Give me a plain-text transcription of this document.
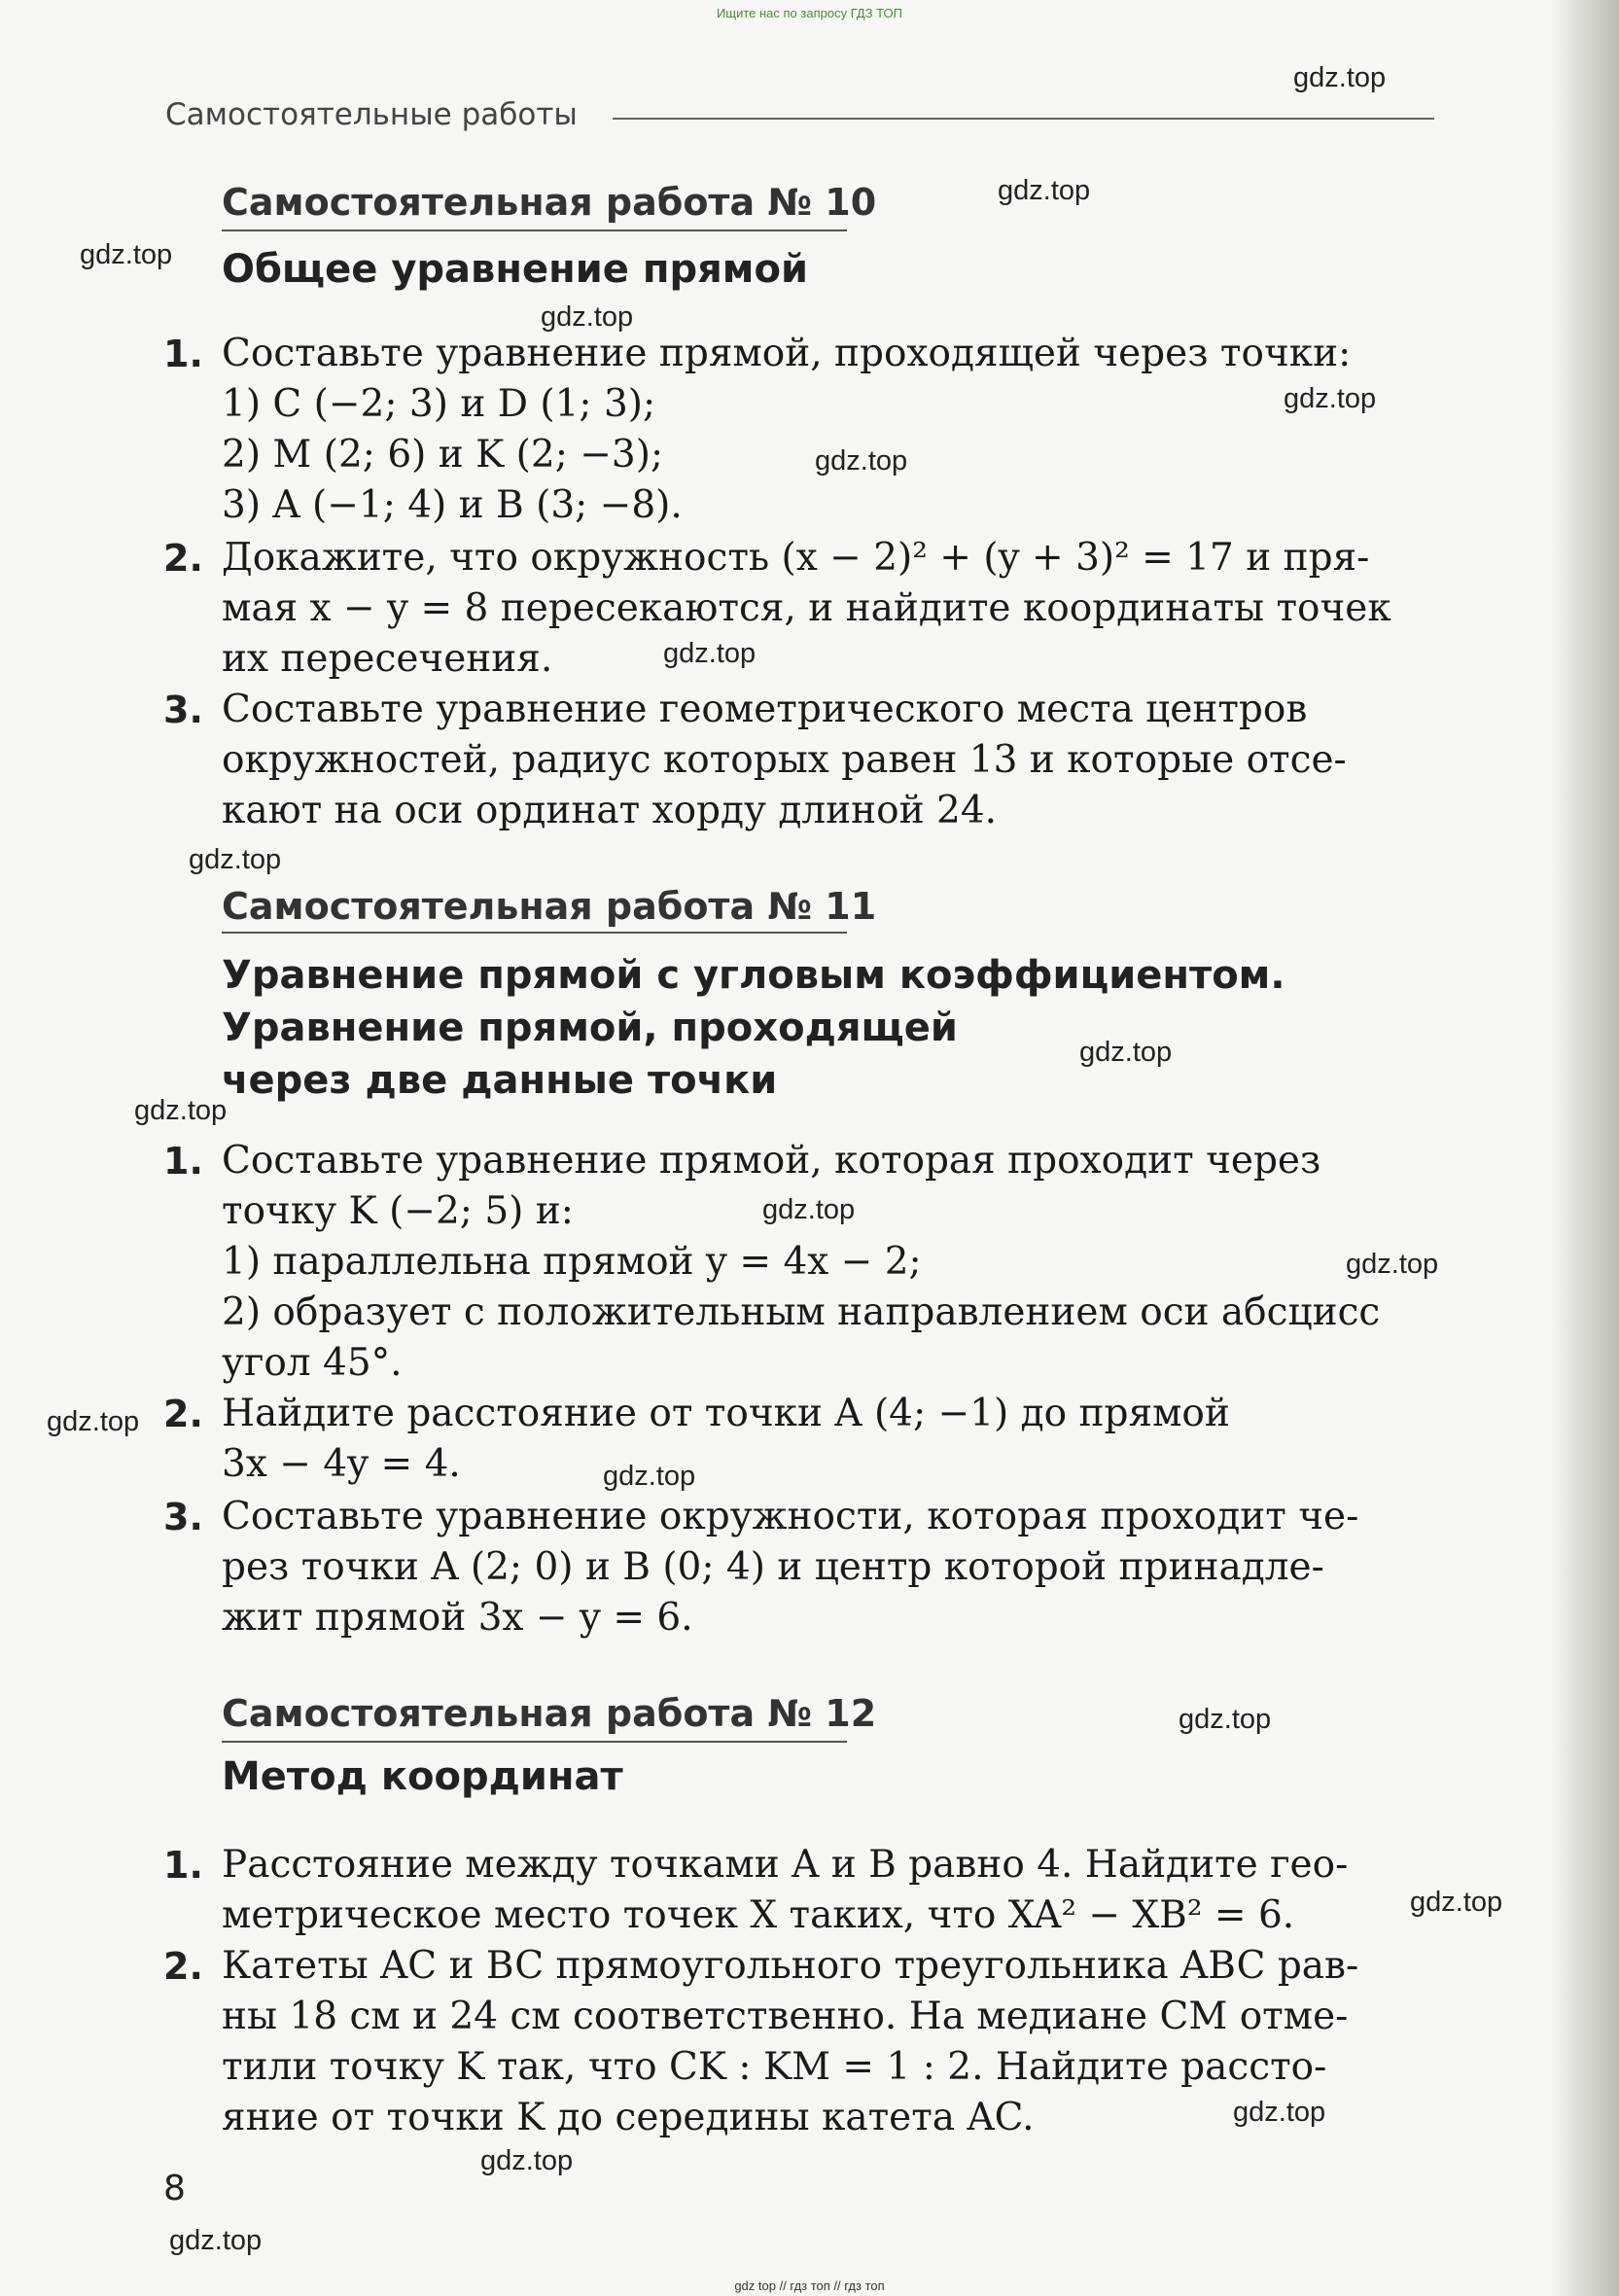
Ищите нас по запросу ГДЗ ТОП
Самостоятельные работы
gdz.top
gdz.top
gdz.top
gdz.top
gdz.top
gdz.top
gdz.top
gdz.top
gdz.top
gdz.top
gdz.top
gdz.top
gdz.top
gdz.top
gdz.top
gdz.top
gdz.top
gdz.top
gdz.top
Самостоятельная работа № 10
Общее уравнение прямой
1. Составьте уравнение прямой, проходящей через точки:
1) C (−2; 3) и D (1; 3);
2) M (2; 6) и K (2; −3);
3) A (−1; 4) и B (3; −8).
2. Докажите, что окружность (x − 2)² + (y + 3)² = 17 и пря-
мая x − y = 8 пересекаются, и найдите координаты точек
их пересечения.
3. Составьте уравнение геометрического места центров
окружностей, радиус которых равен 13 и которые отсе-
кают на оси ординат хорду длиной 24.
Самостоятельная работа № 11
Уравнение прямой с угловым коэффициентом.
Уравнение прямой, проходящей
через две данные точки
1. Составьте уравнение прямой, которая проходит через
точку K (−2; 5) и:
1) параллельна прямой y = 4x − 2;
2) образует с положительным направлением оси абсцисс
угол 45°.
2. Найдите расстояние от точки A (4; −1) до прямой
3x − 4y = 4.
3. Составьте уравнение окружности, которая проходит че-
рез точки A (2; 0) и B (0; 4) и центр которой принадле-
жит прямой 3x − y = 6.
Самостоятельная работа № 12
Метод координат
1. Расстояние между точками A и B равно 4. Найдите гео-
метрическое место точек X таких, что XA² − XB² = 6.
2. Катеты AC и BC прямоугольного треугольника ABC рав-
ны 18 см и 24 см соответственно. На медиане CM отме-
тили точку K так, что CK : KM = 1 : 2. Найдите рассто-
яние от точки K до середины катета AC.
8
gdz top // гдз топ // гдз топ
